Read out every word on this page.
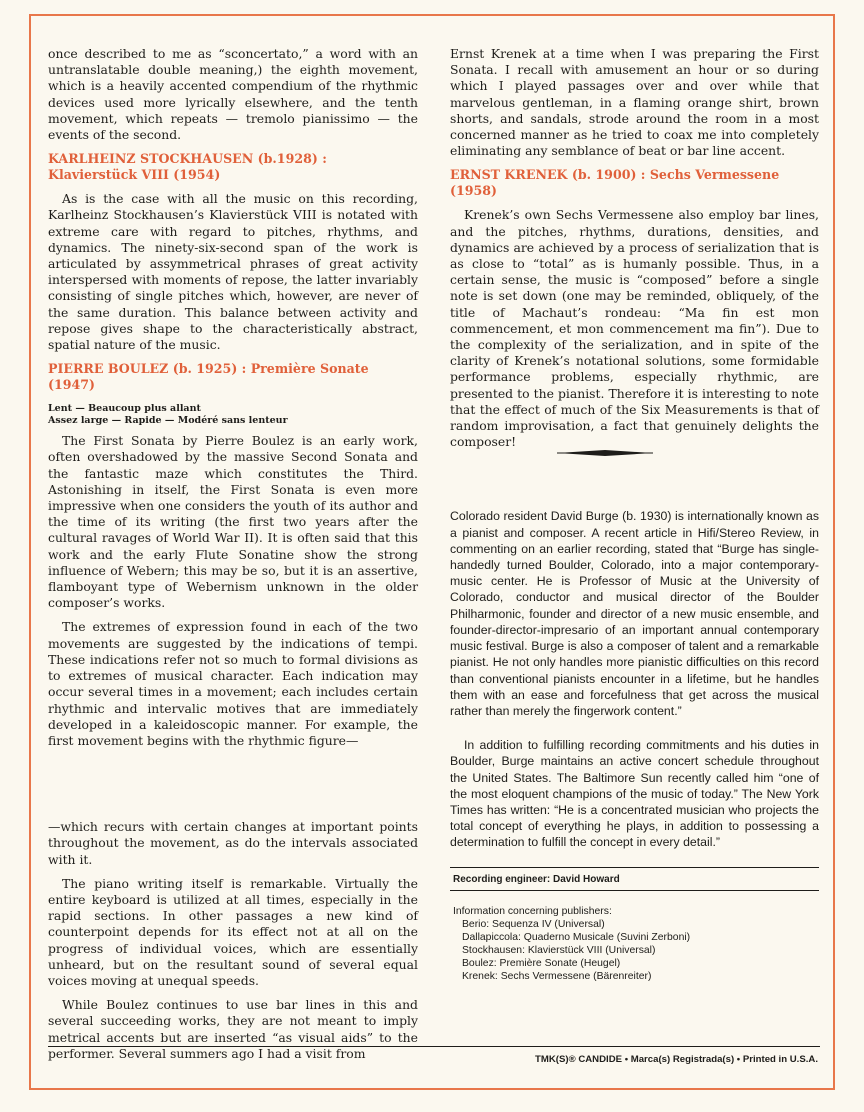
once described to me as “sconcertato,” a word with an untranslatable double meaning,) the eighth movement, which is a heavily accented compendium of the rhythmic devices used more lyrically elsewhere, and the tenth movement, which repeats — tremolo pianissimo — the events of the second.

KARLHEINZ STOCKHAUSEN (b.1928) : Klavierstück VIII (1954)

As is the case with all the music on this recording, Karlheinz Stockhausen’s Klavierstück VIII is notated with extreme care with regard to pitches, rhythms, and dynamics. The ninety-six-second span of the work is articulated by assymmetrical phrases of great activity interspersed with moments of repose, the latter invariably consisting of single pitches which, however, are never of the same duration. This balance between activity and repose gives shape to the characteristically abstract, spatial nature of the music.

PIERRE BOULEZ (b. 1925) : Première Sonate (1947)

Lent — Beaucoup plus allant

Assez large — Rapide — Modéré sans lenteur

The First Sonata by Pierre Boulez is an early work, often overshadowed by the massive Second Sonata and the fantastic maze which constitutes the Third. Astonishing in itself, the First Sonata is even more impressive when one considers the youth of its author and the time of its writing (the first two years after the cultural ravages of World War II). It is often said that this work and the early Flute Sonatine show the strong influence of Webern; this may be so, but it is an assertive, flamboyant type of Webernism unknown in the older composer’s works.

The extremes of expression found in each of the two movements are suggested by the indications of tempi. These indications refer not so much to formal divisions as to extremes of musical character. Each indication may occur several times in a movement; each includes certain rhythmic and intervalic motives that are immediately developed in a kaleidoscopic manner. For example, the first movement begins with the rhythmic figure—

—which recurs with certain changes at important points throughout the movement, as do the intervals associated with it.

The piano writing itself is remarkable. Virtually the entire keyboard is utilized at all times, especially in the rapid sections. In other passages a new kind of counterpoint depends for its effect not at all on the progress of individual voices, which are essentially unheard, but on the resultant sound of several equal voices moving at unequal speeds.

While Boulez continues to use bar lines in this and several succeeding works, they are not meant to imply metrical accents but are inserted “as visual aids” to the performer. Several summers ago I had a visit from

Ernst Krenek at a time when I was preparing the First Sonata. I recall with amusement an hour or so during which I played passages over and over while that marvelous gentleman, in a flaming orange shirt, brown shorts, and sandals, strode around the room in a most concerned manner as he tried to coax me into completely eliminating any semblance of beat or bar line accent.

ERNST KRENEK (b. 1900) : Sechs Vermessene (1958)

Krenek’s own Sechs Vermessene also employ bar lines, and the pitches, rhythms, durations, densities, and dynamics are achieved by a process of serialization that is as close to “total” as is humanly possible. Thus, in a certain sense, the music is “composed” before a single note is set down (one may be reminded, obliquely, of the title of Machaut’s rondeau: “Ma fin est mon commencement, et mon commencement ma fin”). Due to the complexity of the serialization, and in spite of the clarity of Krenek’s notational solutions, some formidable performance problems, especially rhythmic, are presented to the pianist. Therefore it is interesting to note that the effect of much of the Six Measurements is that of random improvisation, a fact that genuinely delights the composer!

Colorado resident David Burge (b. 1930) is internationally known as a pianist and composer. A recent article in Hifi/Stereo Review, in commenting on an earlier recording, stated that “Burge has single-handedly turned Boulder, Colorado, into a major contemporary-music center. He is Professor of Music at the University of Colorado, conductor and musical director of the Boulder Philharmonic, founder and director of a new music ensemble, and founder-director-impresario of an important annual contemporary music festival. Burge is also a composer of talent and a remarkable pianist. He not only handles more pianistic difficulties on this record than conventional pianists encounter in a lifetime, but he handles them with an ease and forcefulness that get across the musical rather than merely the fingerwork content.”

In addition to fulfilling recording commitments and his duties in Boulder, Burge maintains an active concert schedule throughout the United States. The Baltimore Sun recently called him “one of the most eloquent champions of the music of today.” The New York Times has written: “He is a concentrated musician who projects the total concept of everything he plays, in addition to possessing a determination to fulfill the concept in every detail.”

Recording engineer: David Howard

Information concerning publishers:
Berio: Sequenza IV (Universal)
Dallapiccola: Quaderno Musicale (Suvini Zerboni)
Stockhausen: Klavierstück VIII (Universal)
Boulez: Première Sonate (Heugel)
Krenek: Sechs Vermessene (Bärenreiter)
TMK(S)® CANDIDE • Marca(s) Registrada(s) • Printed in U.S.A.
